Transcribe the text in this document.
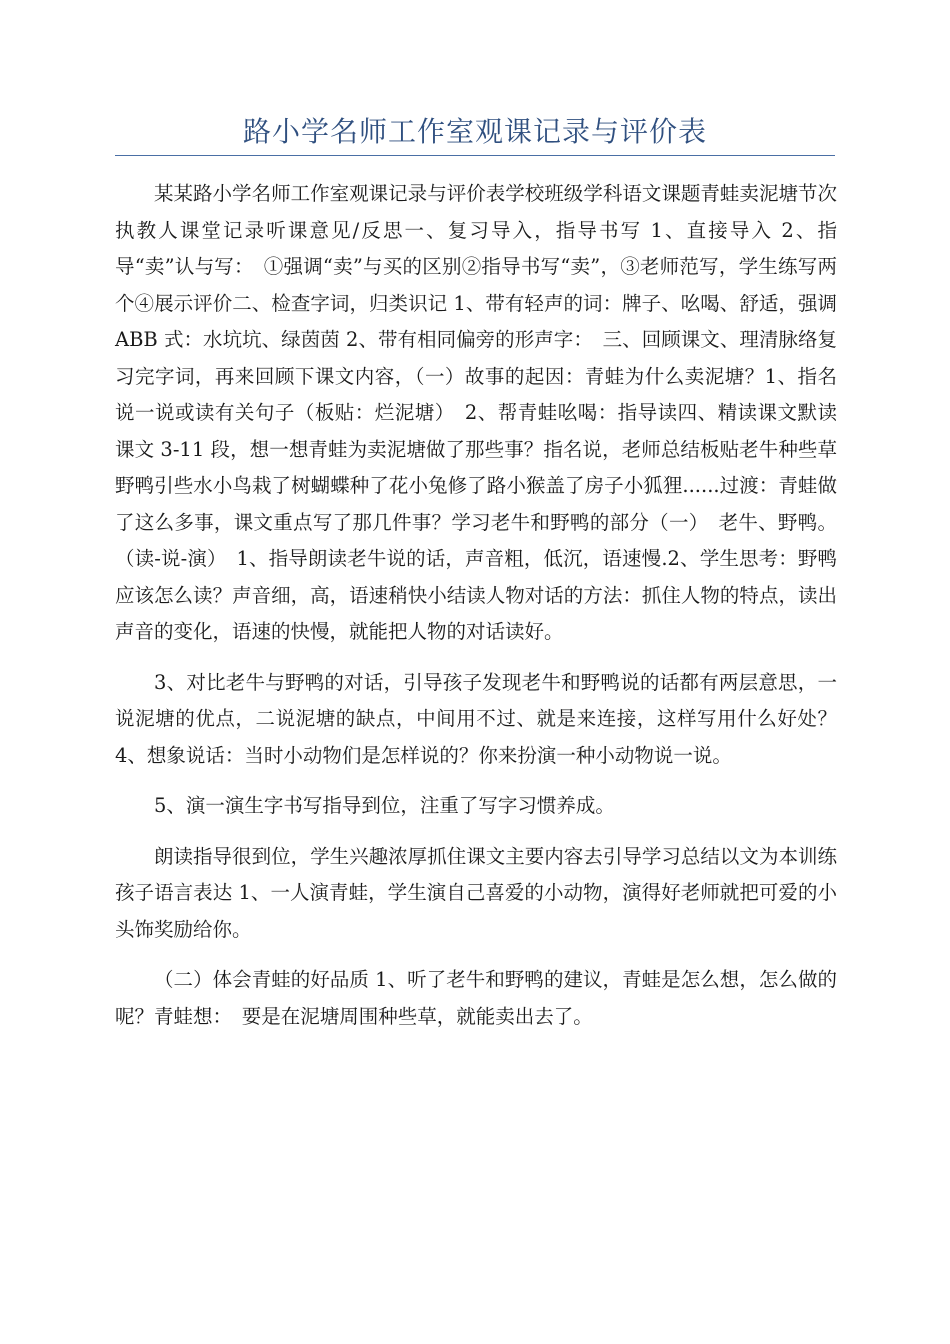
路小学名师工作室观课记录与评价表

某某路小学名师工作室观课记录与评价表学校班级学科语文课题青蛙卖泥塘节次执教人课堂记录听课意见/反思一、复习导入，指导书写 1、直接导入 2、指导“卖”认与写：　①强调“卖”与买的区别②指导书写“卖”，③老师范写，学生练写两个④展示评价二、检查字词，归类识记 1、带有轻声的词：牌子、吆喝、舒适，强调 ABB 式：水坑坑、绿茵茵 2、带有相同偏旁的形声字：　三、回顾课文、理清脉络复习完字词，再来回顾下课文内容，（一）故事的起因：青蛙为什么卖泥塘？1、指名说一说或读有关句子（板贴：烂泥塘）　2、帮青蛙吆喝：指导读四、精读课文默读课文 3-11 段，想一想青蛙为卖泥塘做了那些事？指名说，老师总结板贴老牛种些草野鸭引些水小鸟栽了树蝴蝶种了花小兔修了路小猴盖了房子小狐狸......过渡：青蛙做了这么多事，课文重点写了那几件事？学习老牛和野鸭的部分（一）　老牛、野鸭。（读-说-演）　1、指导朗读老牛说的话，声音粗，低沉，语速慢.2、学生思考：野鸭应该怎么读？声音细，高，语速稍快小结读人物对话的方法：抓住人物的特点，读出声音的变化，语速的快慢，就能把人物的对话读好。

3、对比老牛与野鸭的对话，引导孩子发现老牛和野鸭说的话都有两层意思，一说泥塘的优点，二说泥塘的缺点，中间用不过、就是来连接，这样写用什么好处？4、想象说话：当时小动物们是怎样说的？你来扮演一种小动物说一说。

5、演一演生字书写指导到位，注重了写字习惯养成。

朗读指导很到位，学生兴趣浓厚抓住课文主要内容去引导学习总结以文为本训练孩子语言表达 1、一人演青蛙，学生演自己喜爱的小动物，演得好老师就把可爱的小头饰奖励给你。

（二）体会青蛙的好品质 1、听了老牛和野鸭的建议，青蛙是怎么想，怎么做的呢？青蛙想：　要是在泥塘周围种些草，就能卖出去了。
